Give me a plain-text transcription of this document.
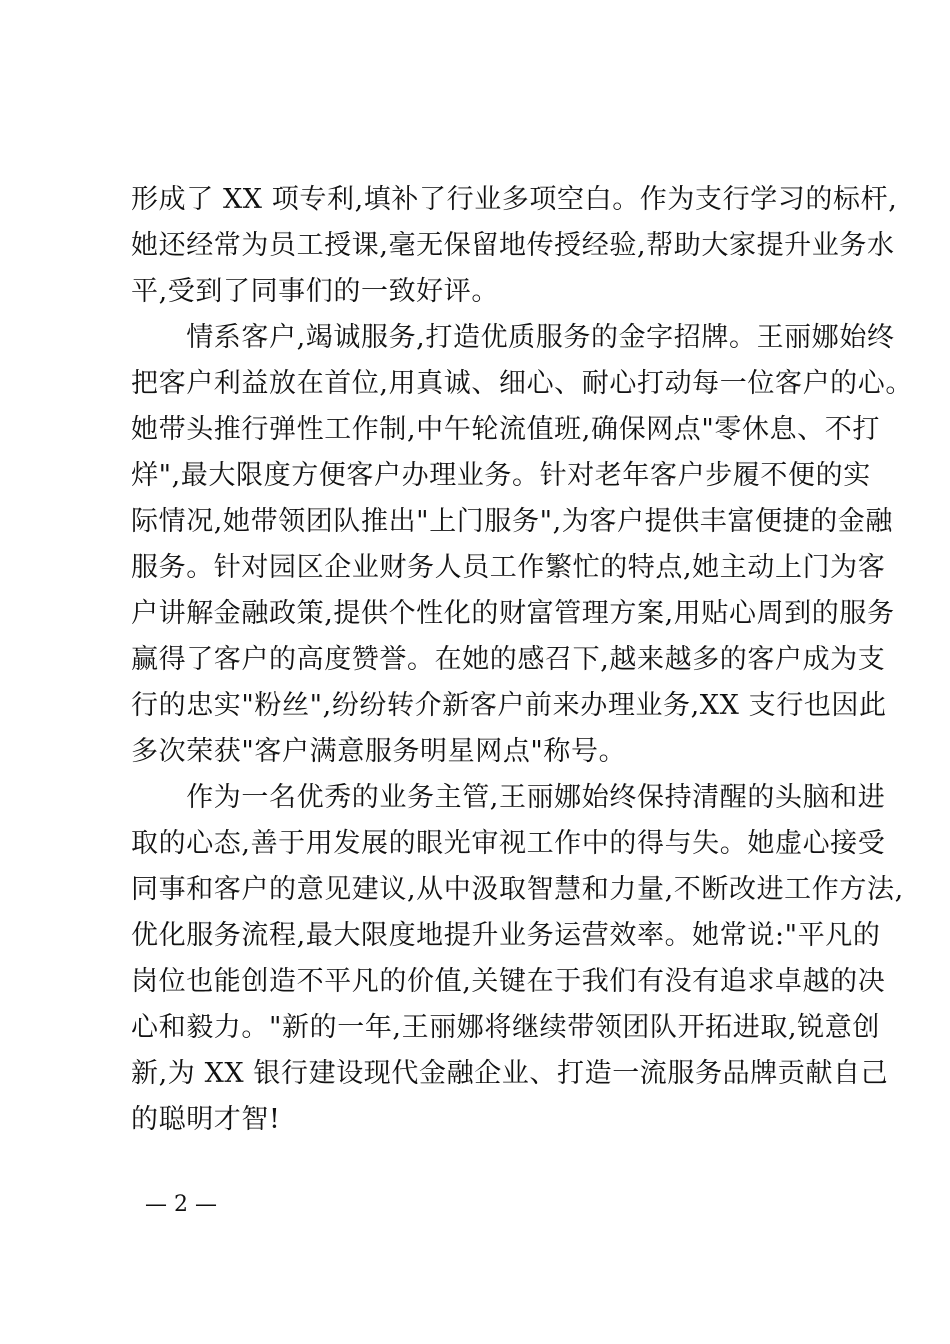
形成了 XX 项专利,填补了行业多项空白。作为支行学习的标杆,
她还经常为员工授课,毫无保留地传授经验,帮助大家提升业务水
平,受到了同事们的一致好评。
　　情系客户,竭诚服务,打造优质服务的金字招牌。王丽娜始终
把客户利益放在首位,用真诚、细心、耐心打动每一位客户的心。
她带头推行弹性工作制,中午轮流值班,确保网点"零休息、不打
烊",最大限度方便客户办理业务。针对老年客户步履不便的实
际情况,她带领团队推出"上门服务",为客户提供丰富便捷的金融
服务。针对园区企业财务人员工作繁忙的特点,她主动上门为客
户讲解金融政策,提供个性化的财富管理方案,用贴心周到的服务
赢得了客户的高度赞誉。在她的感召下,越来越多的客户成为支
行的忠实"粉丝",纷纷转介新客户前来办理业务,XX 支行也因此
多次荣获"客户满意服务明星网点"称号。
　　作为一名优秀的业务主管,王丽娜始终保持清醒的头脑和进
取的心态,善于用发展的眼光审视工作中的得与失。她虚心接受
同事和客户的意见建议,从中汲取智慧和力量,不断改进工作方法,
优化服务流程,最大限度地提升业务运营效率。她常说:"平凡的
岗位也能创造不平凡的价值,关键在于我们有没有追求卓越的决
心和毅力。"新的一年,王丽娜将继续带领团队开拓进取,锐意创
新,为 XX 银行建设现代金融企业、打造一流服务品牌贡献自己
的聪明才智!
— 2 —
